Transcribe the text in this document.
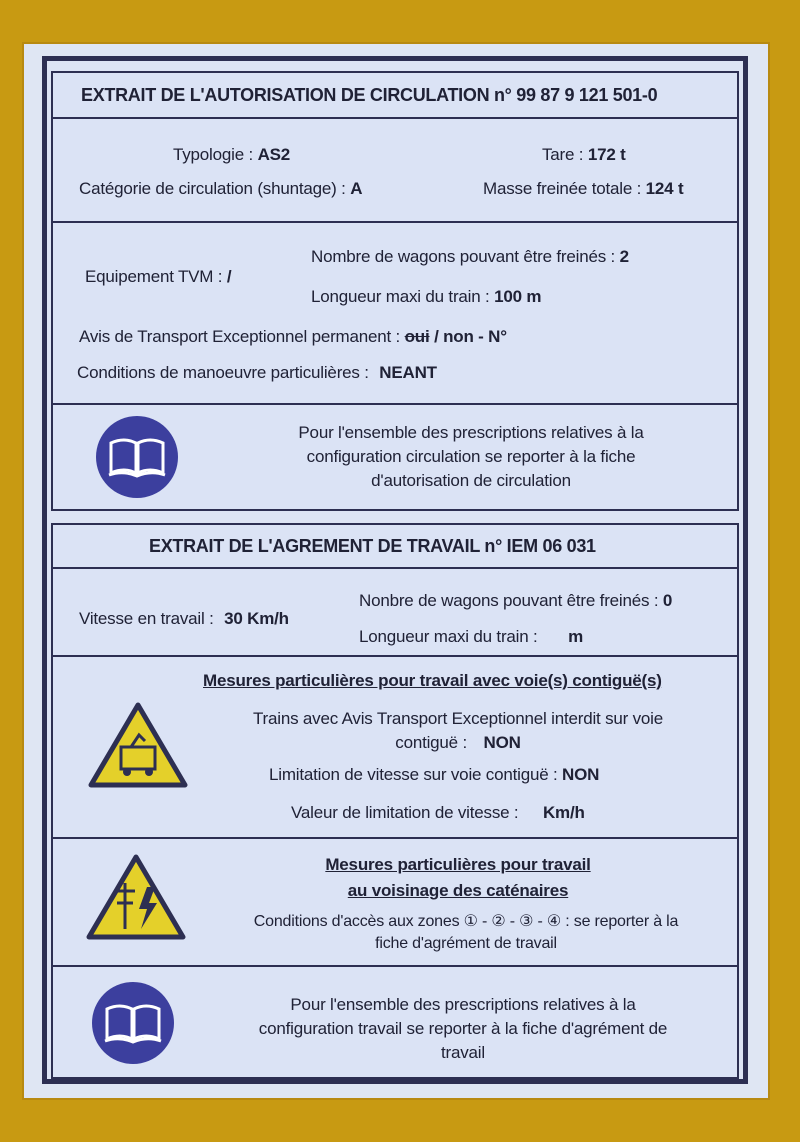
EXTRAIT DE L'AUTORISATION DE CIRCULATION n° 99 87 9 121 501-0
Typologie : AS2	Tare : 172 t
Catégorie de circulation (shuntage) : A	Masse freinée totale : 124 t
Equipement TVM : /
Nombre de wagons pouvant être freinés : 2
Longueur maxi du train : 100 m
Avis de Transport Exceptionnel permanent : oui / non - N°
Conditions de manoeuvre particulières : NEANT
Pour l'ensemble des prescriptions relatives à la
configuration circulation se reporter à la fiche
d'autorisation de circulation
EXTRAIT DE L'AGREMENT DE TRAVAIL n° IEM 06 031
Vitesse en travail : 30 Km/h
Nonbre de wagons pouvant être freinés : 0
Longueur maxi du train : m
Mesures particulières pour travail avec voie(s) contiguë(s)
Trains avec Avis Transport Exceptionnel interdit sur voie
contiguë : NON
Limitation de vitesse sur voie contiguë : NON
Valeur de limitation de vitesse : Km/h
Mesures particulières pour travail
au voisinage des caténaires
Conditions d'accès aux zones ① - ② - ③ - ④ : se reporter à la
fiche d'agrément de travail
Pour l'ensemble des prescriptions relatives à la
configuration travail se reporter à la fiche d'agrément de
travail
